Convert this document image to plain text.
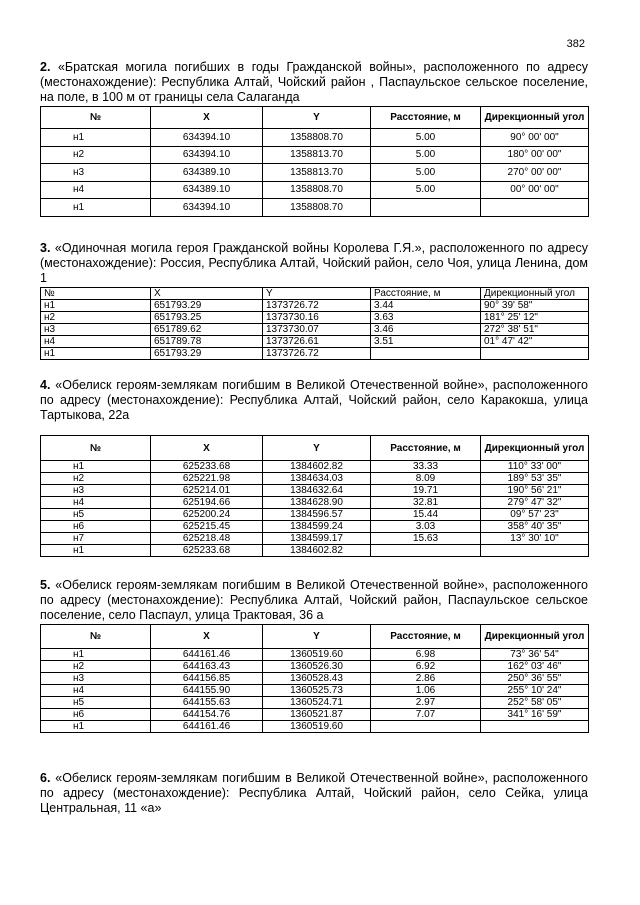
382

2. «Братская могила погибших в годы Гражданской войны», расположенного по адресу (местонахождение): Республика Алтай, Чойский район , Паспаульское сельское поселение, на поле, в 100 м от границы села Салаганда

№	X	Y	Расстояние, м	Дирекционный угол
н1	634394.10	1358808.70	5.00	90° 00' 00"
н2	634394.10	1358813.70	5.00	180° 00' 00"
н3	634389.10	1358813.70	5.00	270° 00' 00"
н4	634389.10	1358808.70	5.00	00° 00' 00"
н1	634394.10	1358808.70		

3. «Одиночная могила героя Гражданской войны Королева Г.Я.», расположенного по адресу (местонахождение): Россия, Республика Алтай, Чойский район, село Чоя, улица Ленина, дом 1

№	X	Y	Расстояние, м	Дирекционный угол
н1	651793.29	1373726.72	3.44	90° 39' 58"
н2	651793.25	1373730.16	3.63	181° 25' 12"
н3	651789.62	1373730.07	3.46	272° 38' 51"
н4	651789.78	1373726.61	3.51	01° 47' 42"
н1	651793.29	1373726.72		

4. «Обелиск героям-землякам погибшим в Великой Отечественной войне», расположенного по адресу (местонахождение): Республика Алтай, Чойский район, село Каракокша, улица Тартыкова, 22а

№	X	Y	Расстояние, м	Дирекционный угол
н1	625233.68	1384602.82	33.33	110° 33' 00"
н2	625221.98	1384634.03	8.09	189° 53' 35"
н3	625214.01	1384632.64	19.71	190° 56' 21"
н4	625194.66	1384628.90	32.81	279° 47' 32"
н5	625200.24	1384596.57	15.44	09° 57' 23"
н6	625215.45	1384599.24	3.03	358° 40' 35"
н7	625218.48	1384599.17	15.63	13° 30' 10"
н1	625233.68	1384602.82		

5. «Обелиск героям-землякам погибшим в Великой Отечественной войне», расположенного по адресу (местонахождение): Республика Алтай, Чойский район, Паспаульское сельское поселение, село Паспаул, улица Трактовая, 36 а

№	X	Y	Расстояние, м	Дирекционный угол
н1	644161.46	1360519.60	6.98	73° 36' 54"
н2	644163.43	1360526.30	6.92	162° 03' 46"
н3	644156.85	1360528.43	2.86	250° 36' 55"
н4	644155.90	1360525.73	1.06	255° 10' 24"
н5	644155.63	1360524.71	2.97	252° 58' 05"
н6	644154.76	1360521.87	7.07	341° 16' 59"
н1	644161.46	1360519.60		

6. «Обелиск героям-землякам погибшим в Великой Отечественной войне», расположенного по адресу (местонахождение): Республика Алтай, Чойский район, село Сейка, улица Центральная, 11 «а»
